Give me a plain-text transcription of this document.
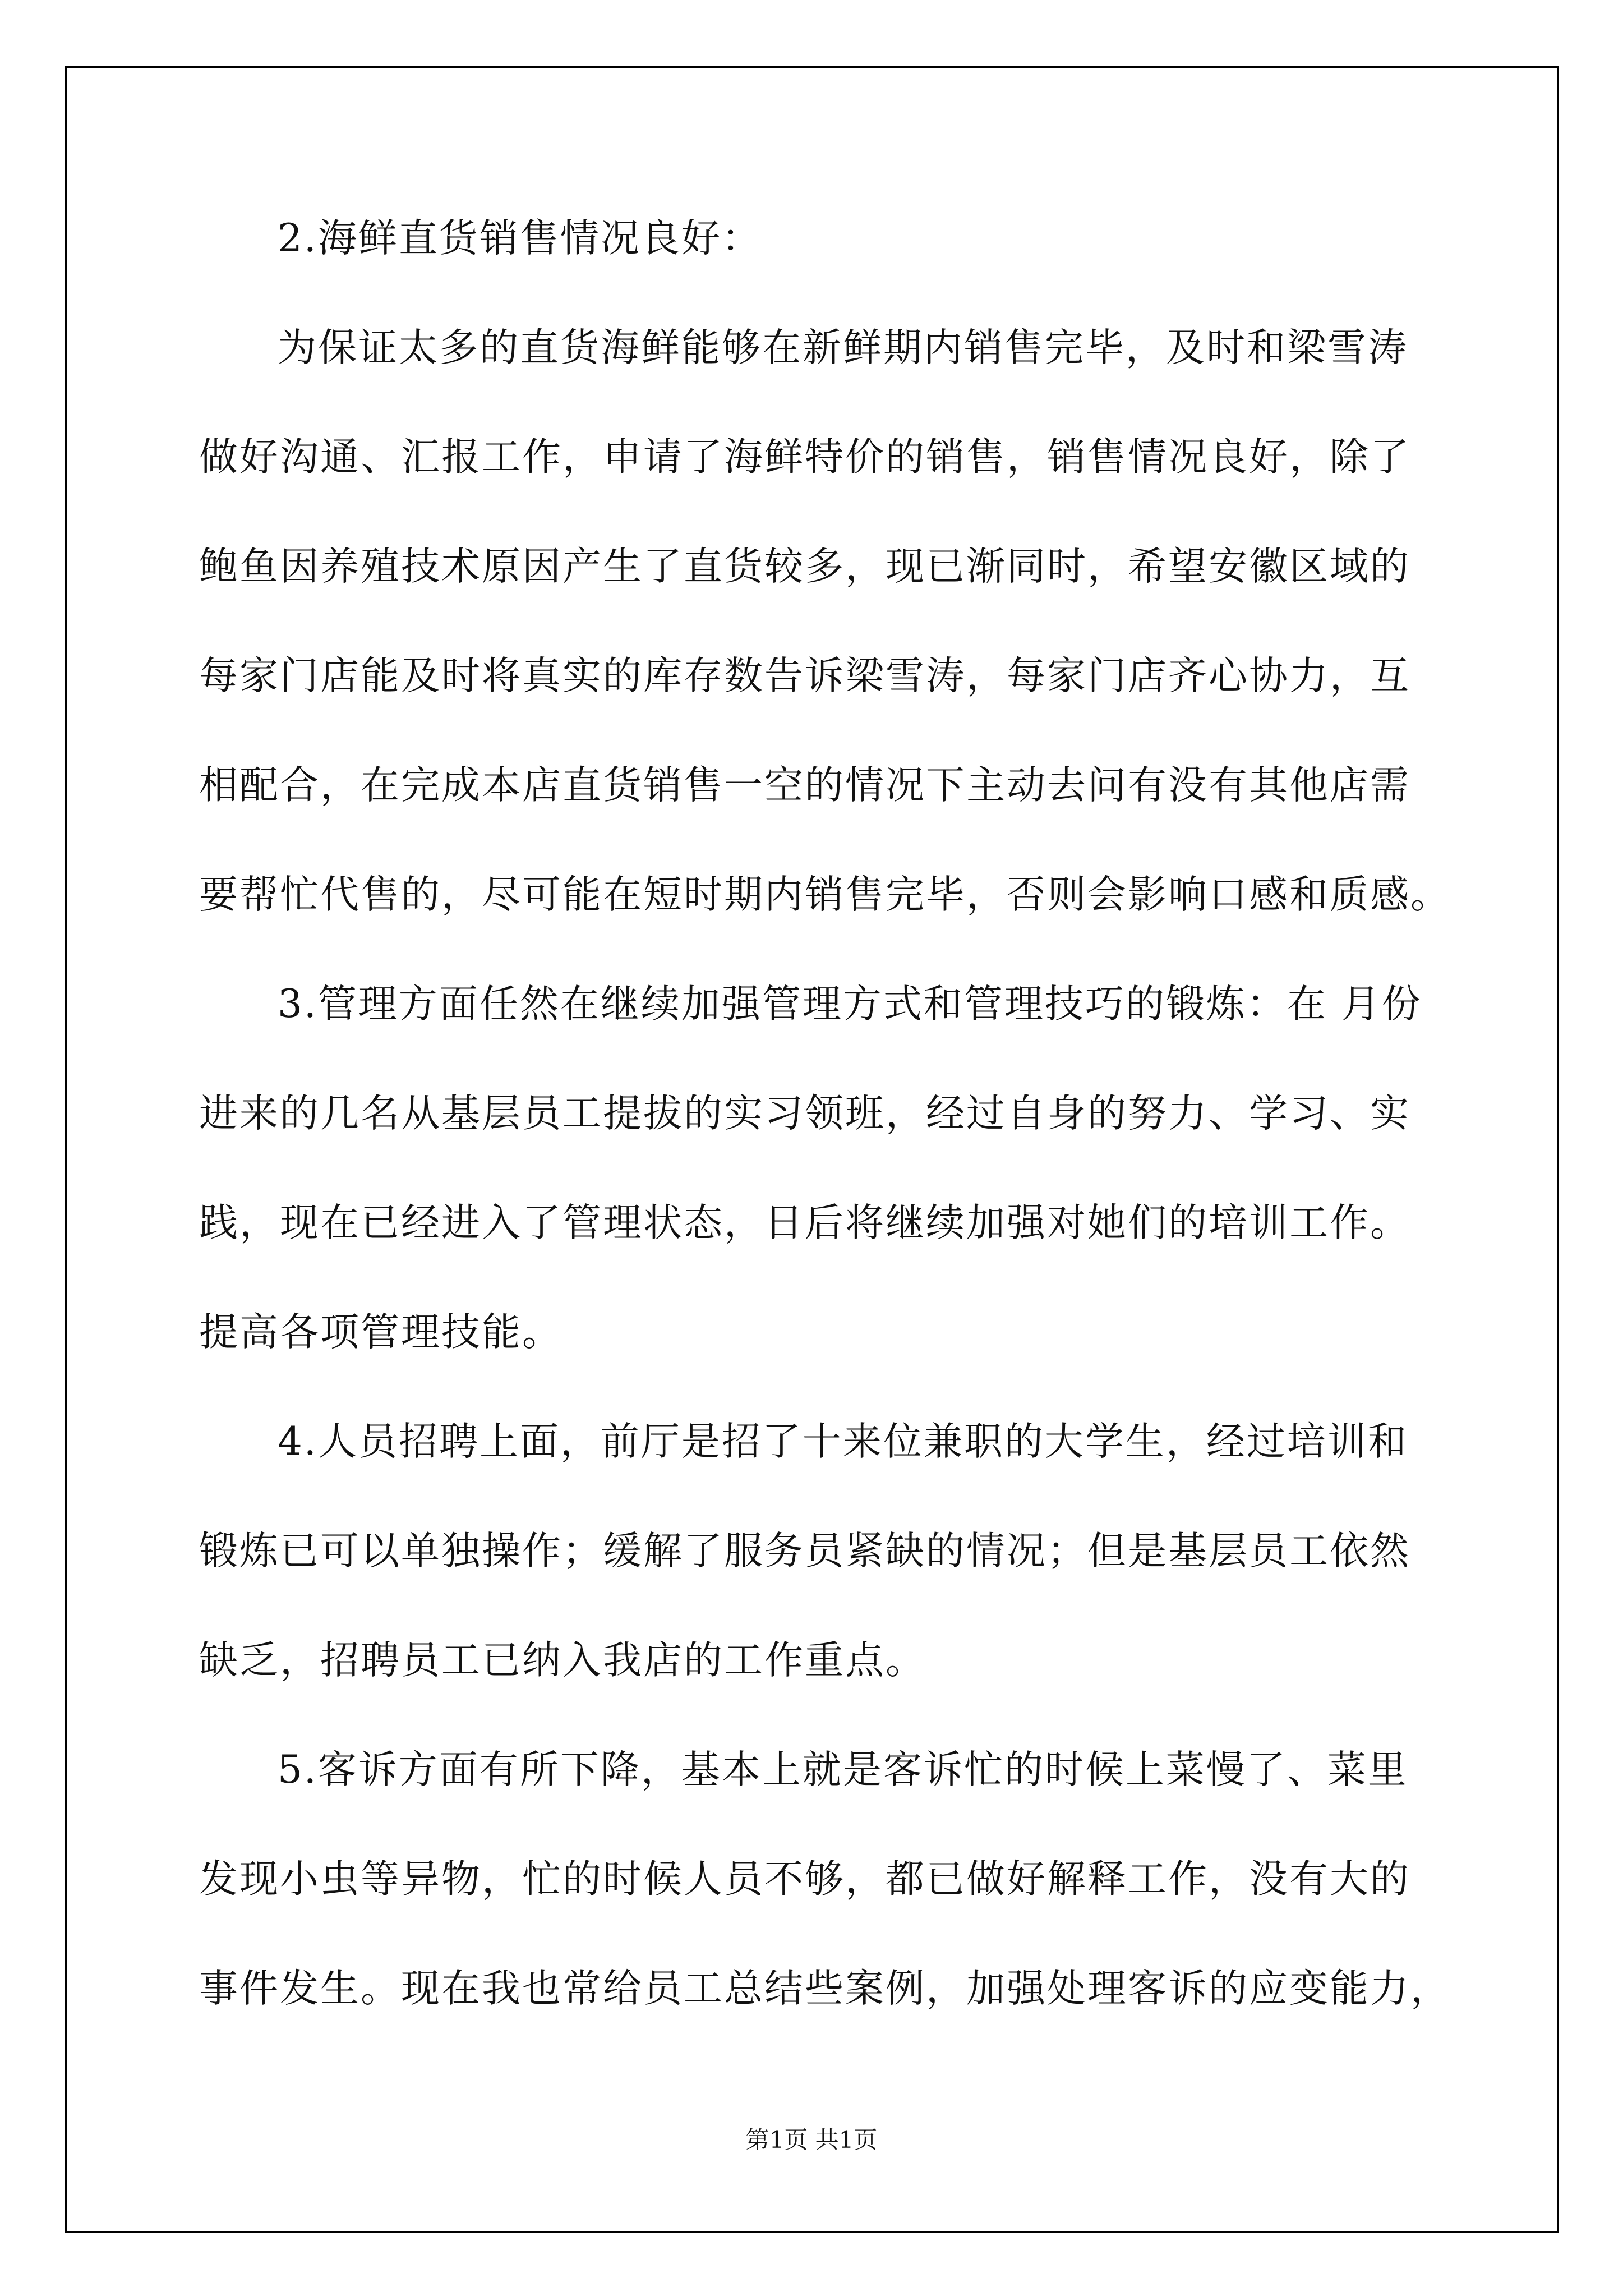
2.海鲜直货销售情况良好：
为保证太多的直货海鲜能够在新鲜期内销售完毕，及时和梁雪涛
做好沟通、汇报工作，申请了海鲜特价的销售，销售情况良好，除了
鲍鱼因养殖技术原因产生了直货较多，现已渐同时，希望安徽区域的
每家门店能及时将真实的库存数告诉梁雪涛，每家门店齐心协力，互
相配合，在完成本店直货销售一空的情况下主动去问有没有其他店需
要帮忙代售的，尽可能在短时期内销售完毕，否则会影响口感和质感。
3.管理方面任然在继续加强管理方式和管理技巧的锻炼：在 月份
进来的几名从基层员工提拔的实习领班，经过自身的努力、学习、实
践，现在已经进入了管理状态，日后将继续加强对她们的培训工作。
提高各项管理技能。
4.人员招聘上面，前厅是招了十来位兼职的大学生，经过培训和
锻炼已可以单独操作；缓解了服务员紧缺的情况；但是基层员工依然
缺乏，招聘员工已纳入我店的工作重点。
5.客诉方面有所下降，基本上就是客诉忙的时候上菜慢了、菜里
发现小虫等异物，忙的时候人员不够，都已做好解释工作，没有大的
事件发生。现在我也常给员工总结些案例，加强处理客诉的应变能力，
第1页 共1页
